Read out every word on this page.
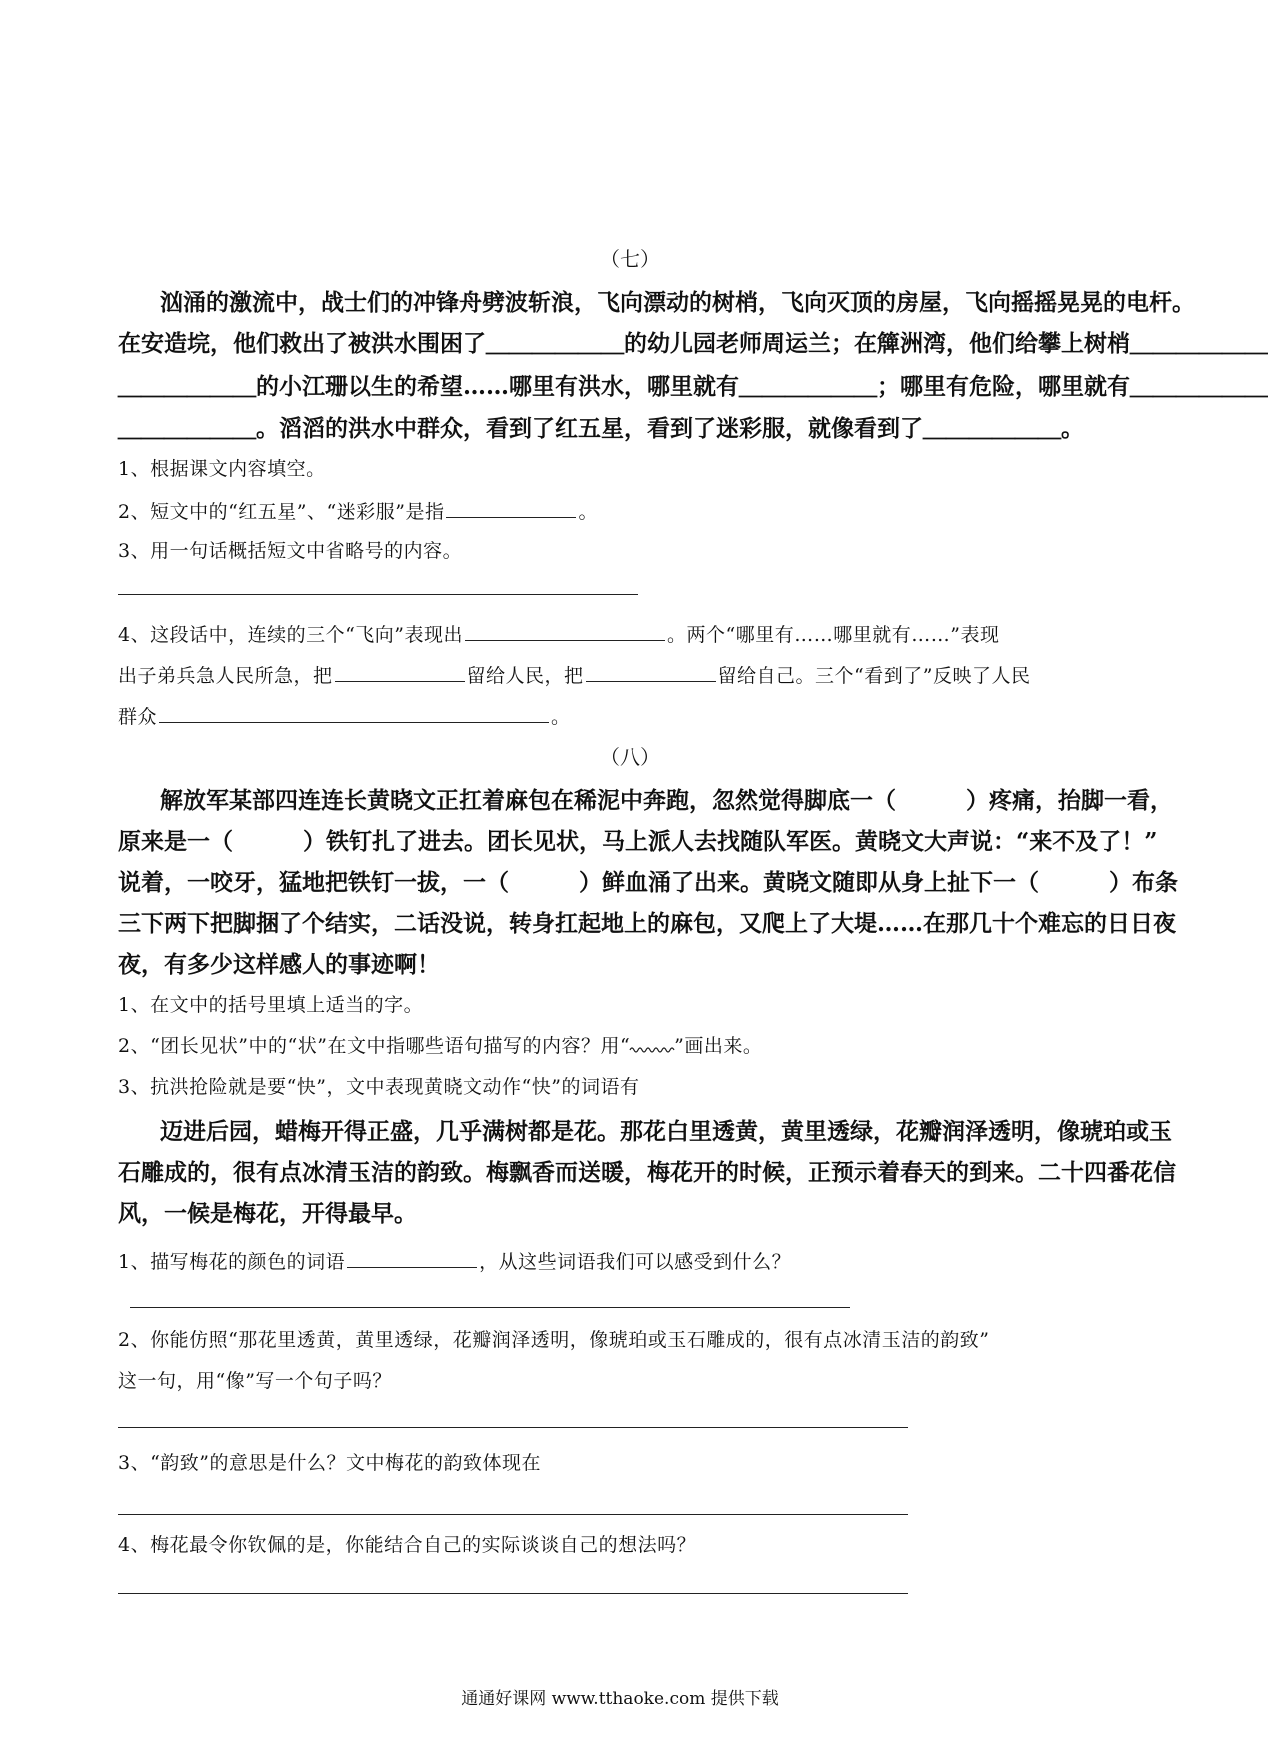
（七）
汹涌的激流中，战士们的冲锋舟劈波斩浪，飞向漂动的树梢，飞向灭顶的房屋，飞向摇摇晃晃的电杆。
在安造垸，他们救出了被洪水围困了＿＿＿＿＿＿的幼儿园老师周运兰；在簰洲湾，他们给攀上树梢＿＿＿＿＿＿
＿＿＿＿＿＿的小江珊以生的希望……哪里有洪水，哪里就有＿＿＿＿＿＿；哪里有危险，哪里就有＿＿＿＿＿＿
＿＿＿＿＿＿。滔滔的洪水中群众，看到了红五星，看到了迷彩服，就像看到了＿＿＿＿＿＿。
1、根据课文内容填空。
2、短文中的“红五星”、“迷彩服”是指	。
3、用一句话概括短文中省略号的内容。
4、这段话中，连续的三个“飞向”表现出	。两个“哪里有……哪里就有……”表现
出子弟兵急人民所急，把	留给人民，把	留给自己。三个“看到了”反映了人民
群众	。
（八）
解放军某部四连连长黄晓文正扛着麻包在稀泥中奔跑，忽然觉得脚底一（	）疼痛，抬脚一看，
原来是一（	）铁钉扎了进去。团长见状，马上派人去找随队军医。黄晓文大声说：“来不及了！”
说着，一咬牙，猛地把铁钉一拔，一（	）鲜血涌了出来。黄晓文随即从身上扯下一（	）布条
三下两下把脚捆了个结实，二话没说，转身扛起地上的麻包，又爬上了大堤……在那几十个难忘的日日夜
夜，有多少这样感人的事迹啊！
1、在文中的括号里填上适当的字。
2、“团长见状”中的“状”在文中指哪些语句描写的内容？用“ ”画出来。
3、抗洪抢险就是要“快”，文中表现黄晓文动作“快”的词语有
迈进后园，蜡梅开得正盛，几乎满树都是花。那花白里透黄，黄里透绿，花瓣润泽透明，像琥珀或玉
石雕成的，很有点冰清玉洁的韵致。梅飘香而送暖，梅花开的时候，正预示着春天的到来。二十四番花信
风，一候是梅花，开得最早。
1、描写梅花的颜色的词语	，从这些词语我们可以感受到什么？
2、你能仿照“那花里透黄，黄里透绿，花瓣润泽透明，像琥珀或玉石雕成的，很有点冰清玉洁的韵致”
这一句，用“像”写一个句子吗？
3、“韵致”的意思是什么？文中梅花的韵致体现在
4、梅花最令你钦佩的是，你能结合自己的实际谈谈自己的想法吗？
通通好课网 www.tthaoke.com 提供下载
